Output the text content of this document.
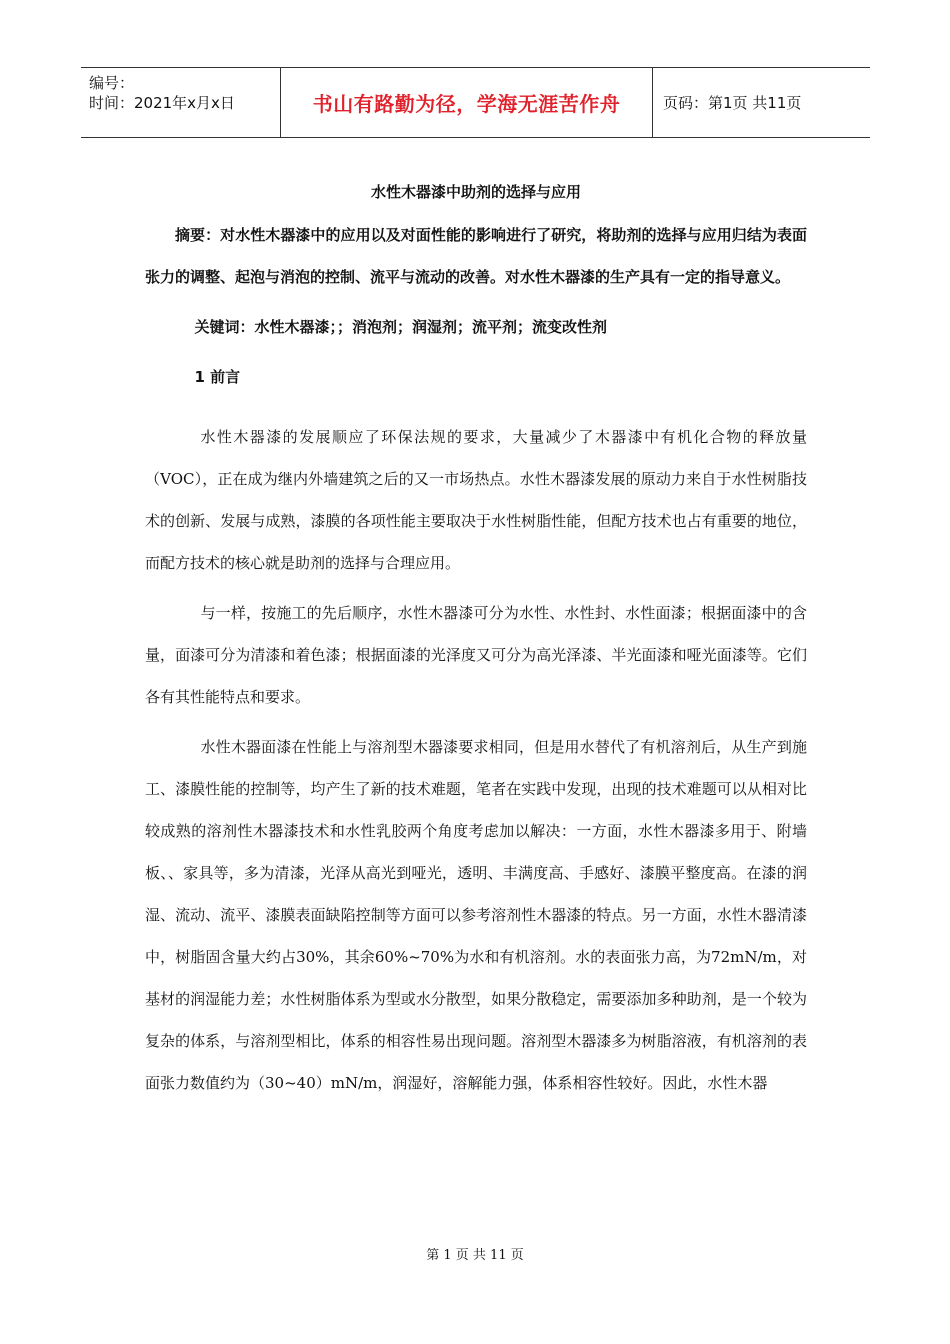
编号：
时间：2021年x月x日	书山有路勤为径，学海无涯苦作舟	页码：第1页 共11页

水性木器漆中助剂的选择与应用

摘要：对水性木器漆中的应用以及对面性能的影响进行了研究，将助剂的选择与应用归结为表面张力的调整、起泡与消泡的控制、流平与流动的改善。对水性木器漆的生产具有一定的指导意义。

关键词：水性木器漆；；消泡剂；润湿剂；流平剂；流变改性剂

1 前言

水性木器漆的发展顺应了环保法规的要求，大量减少了木器漆中有机化合物的释放量（VOC），正在成为继内外墙建筑之后的又一市场热点。水性木器漆发展的原动力来自于水性树脂技术的创新、发展与成熟，漆膜的各项性能主要取决于水性树脂性能，但配方技术也占有重要的地位，而配方技术的核心就是助剂的选择与合理应用。

与一样，按施工的先后顺序，水性木器漆可分为水性、水性封、水性面漆；根据面漆中的含量，面漆可分为清漆和着色漆；根据面漆的光泽度又可分为高光泽漆、半光面漆和哑光面漆等。它们各有其性能特点和要求。

水性木器面漆在性能上与溶剂型木器漆要求相同，但是用水替代了有机溶剂后，从生产到施工、漆膜性能的控制等，均产生了新的技术难题，笔者在实践中发现，出现的技术难题可以从相对比较成熟的溶剂性木器漆技术和水性乳胶两个角度考虑加以解决：一方面，水性木器漆多用于、附墙板、、家具等，多为清漆，光泽从高光到哑光，透明、丰满度高、手感好、漆膜平整度高。在漆的润湿、流动、流平、漆膜表面缺陷控制等方面可以参考溶剂性木器漆的特点。另一方面，水性木器清漆中，树脂固含量大约占30%，其余60%~70%为水和有机溶剂。水的表面张力高，为72mN/m，对基材的润湿能力差；水性树脂体系为型或水分散型，如果分散稳定，需要添加多种助剂，是一个较为复杂的体系，与溶剂型相比，体系的相容性易出现问题。溶剂型木器漆多为树脂溶液，有机溶剂的表面张力数值约为（30~40）mN/m，润湿好，溶解能力强，体系相容性较好。因此，水性木器

第 1 页 共 11 页
